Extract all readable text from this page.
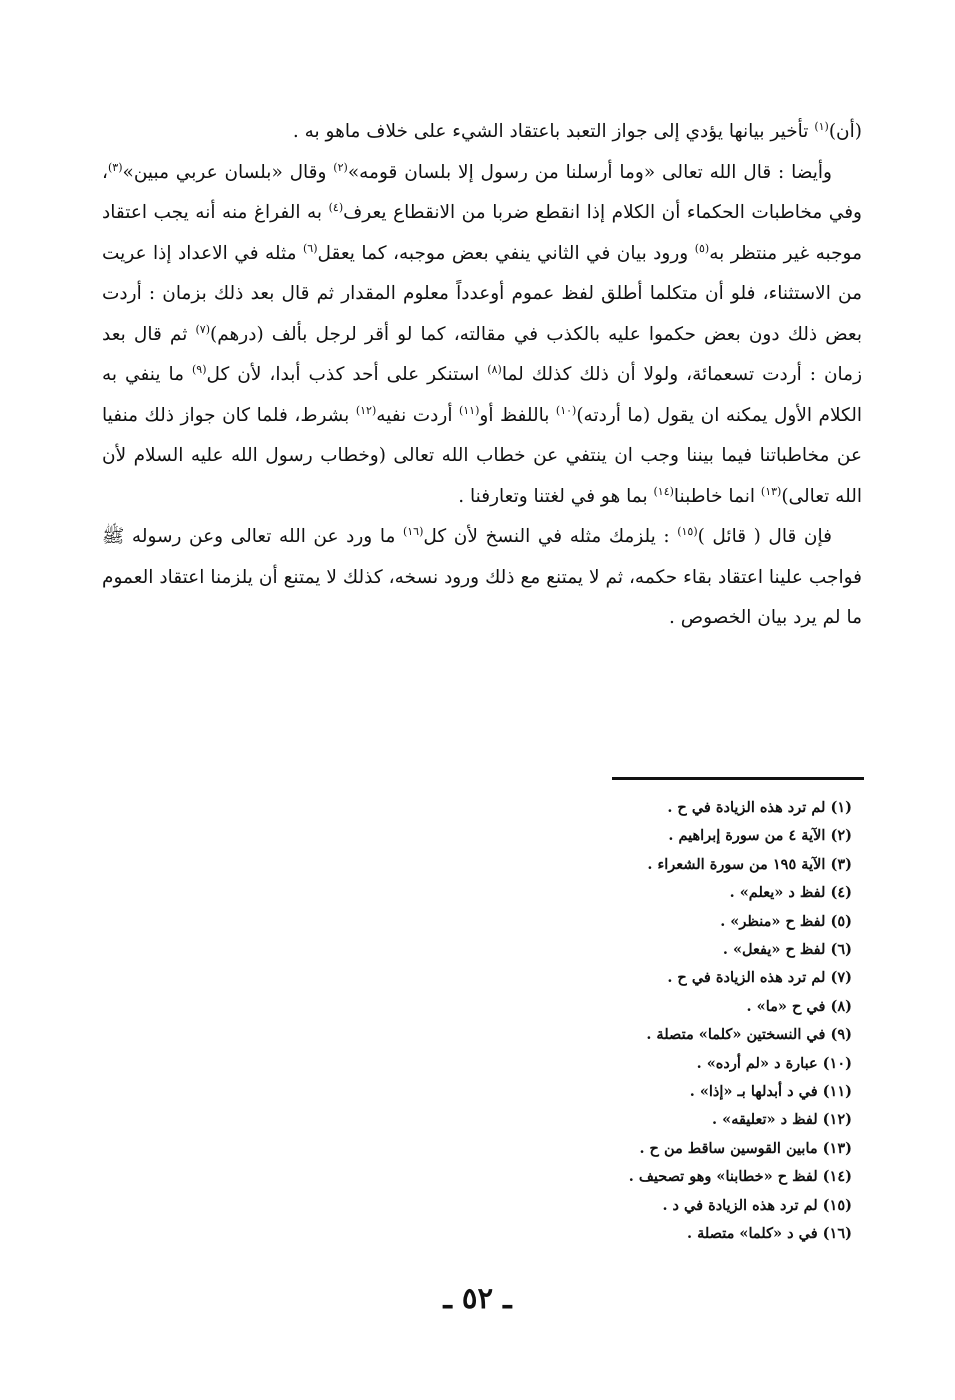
(أن)$^{(١)}$ تأخير بيانها يؤدي إلى جواز التعبد باعتقاد الشيء على خلاف ماهو به .

وأيضا : قال الله تعالى «وما أرسلنا من رسول إلا بلسان قومه»$^{(٢)}$ وقال «بلسان عربي مبين»$^{(٣)}$، وفي مخاطبات الحكماء أن الكلام إذا انقطع ضربا من الانقطاع يعرف$^{(٤)}$ به الفراغ منه أنه يجب اعتقاد موجبه غير منتظر به$^{(٥)}$ ورود بيان في الثاني ينفي بعض موجبه، كما يعقل$^{(٦)}$ مثله في الاعداد إذا عريت من الاستثناء، فلو أن متكلما أطلق لفظ عموم أوعدداً معلوم المقدار ثم قال بعد ذلك بزمان : أردت بعض ذلك دون بعض حكموا عليه بالكذب في مقالته، كما لو أقر لرجل بألف (درهم)$^{(٧)}$ ثم قال بعد زمان : أردت تسعمائة، ولولا أن ذلك كذلك لما$^{(٨)}$ استنكر على أحد كذب أبدا، لأن كل$^{(٩)}$ ما ينفي به الكلام الأول يمكنه ان يقول (ما أردته)$^{(١٠)}$ باللفظ أو$^{(١١)}$ أردت نفيه$^{(١٢)}$ بشرط، فلما كان جواز ذلك منفيا عن مخاطباتنا فيما بيننا وجب ان ينتفي عن خطاب الله تعالى (وخطاب رسول الله عليه السلام لأن الله تعالى)$^{(١٣)}$ انما خاطبنا$^{(١٤)}$ بما هو في لغتنا وتعارفنا .

فإن قال ( قائل )$^{(١٥)}$ : يلزمك مثله في النسخ لأن كل$^{(١٦)}$ ما ورد عن الله تعالى وعن رسوله ﷺ فواجب علينا اعتقاد بقاء حكمه، ثم لا يمتنع مع ذلك ورود نسخه، كذلك لا يمتنع أن يلزمنا اعتقاد العموم ما لم يرد بيان الخصوص .

(١) لم ترد هذه الزيادة في ح .
(٢) الآية ٤ من سورة إبراهيم .
(٣) الآية ١٩٥ من سورة الشعراء .
(٤) لفظ د «يعلم» .
(٥) لفظ ح «منظر» .
(٦) لفظ ح «يفعل» .
(٧) لم ترد هذه الزيادة في ح .
(٨) في ح «ما» .
(٩) في النسختين «كلما» متصلة .
(١٠) عبارة د «لم أرده» .
(١١) في د أبدلها بـ «إذا» .
(١٢) لفظ د «تعليقه» .
(١٣) مابين القوسين ساقط من ح .
(١٤) لفظ ح «خطابنا» وهو تصحيف .
(١٥) لم ترد هذه الزيادة في د .
(١٦) في د «كلما» متصلة .
ـ ٥٢ ـ
